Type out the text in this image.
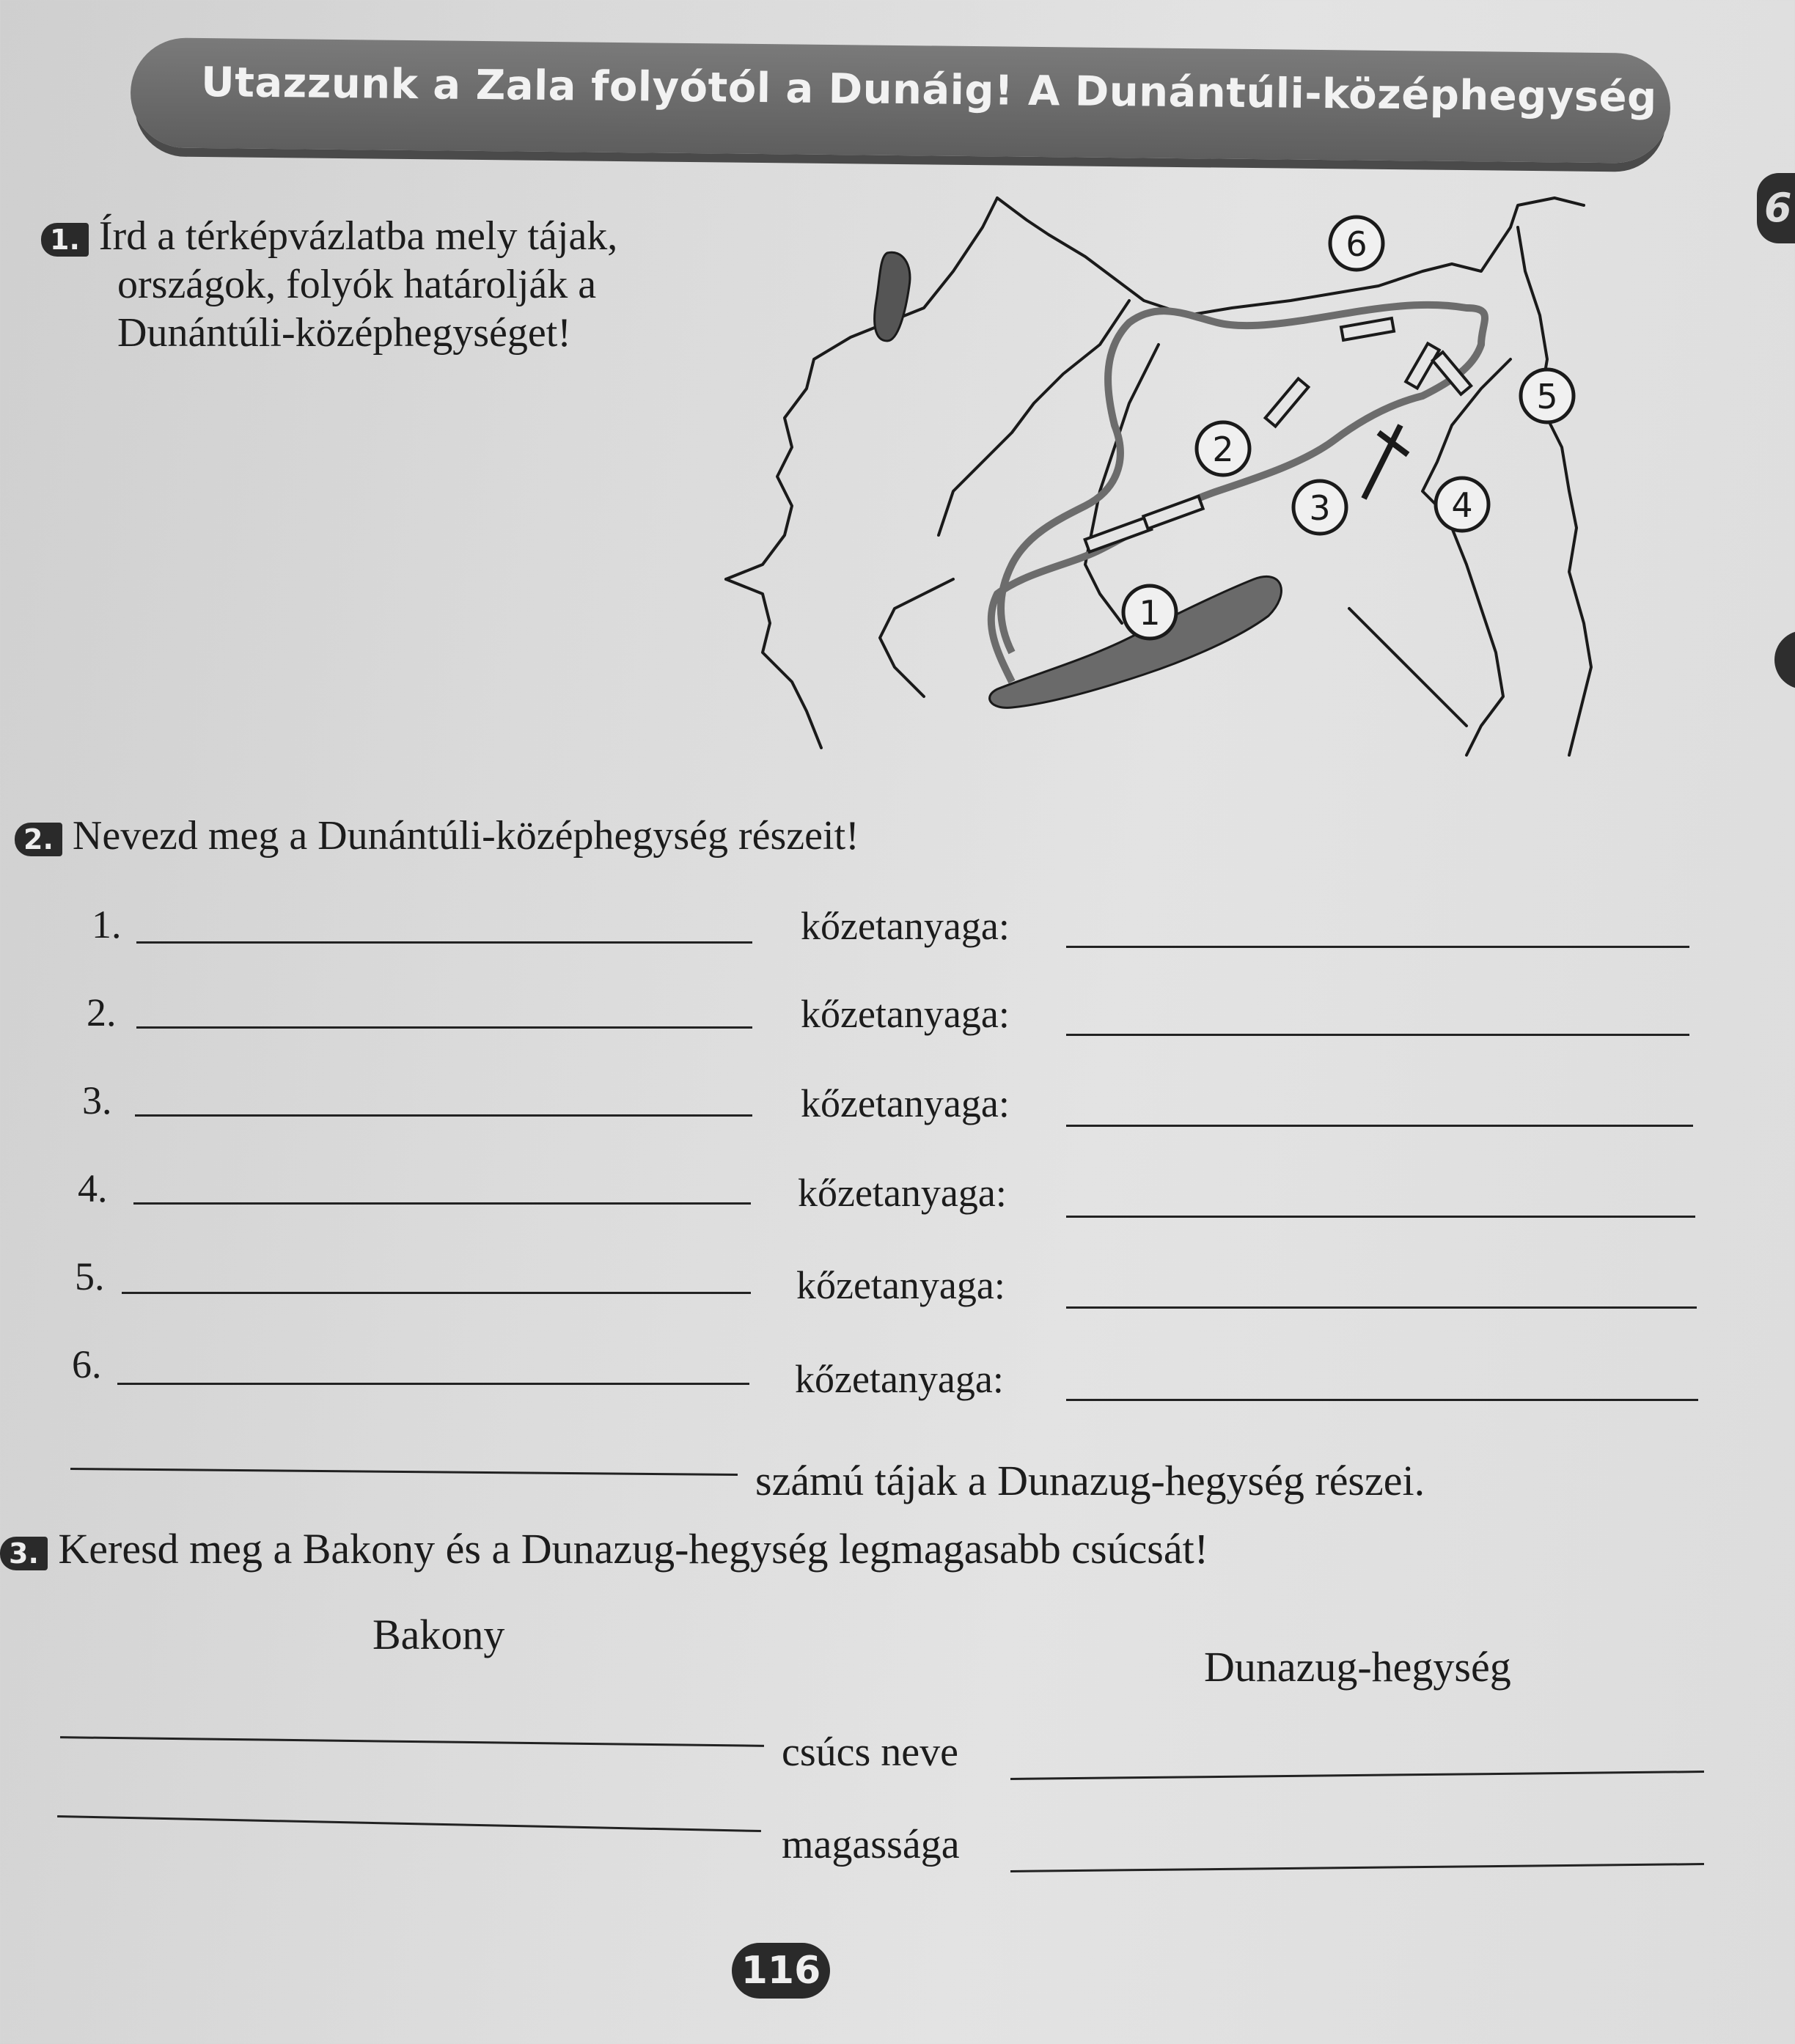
6
Utazzunk a Zala folyótól a Dunáig! A Dunántúli-középhegység
1. Írd a térképvázlatba mely tájak,
országok, folyók határolják a
Dunántúli-középhegységet!
1
2
3	4
5
6
2. Nevezd meg a Dunántúli-középhegység részeit!
1.	kőzetanyaga:
2.	kőzetanyaga:
3.	kőzetanyaga:
4.	kőzetanyaga:
5.	kőzetanyaga:
6.	kőzetanyaga:
számú tájak a Dunazug-hegység részei.
3. Keresd meg a Bakony és a Dunazug-hegység legmagasabb csúcsát!
Bakony
Dunazug-hegység
csúcs neve
magassága
116
